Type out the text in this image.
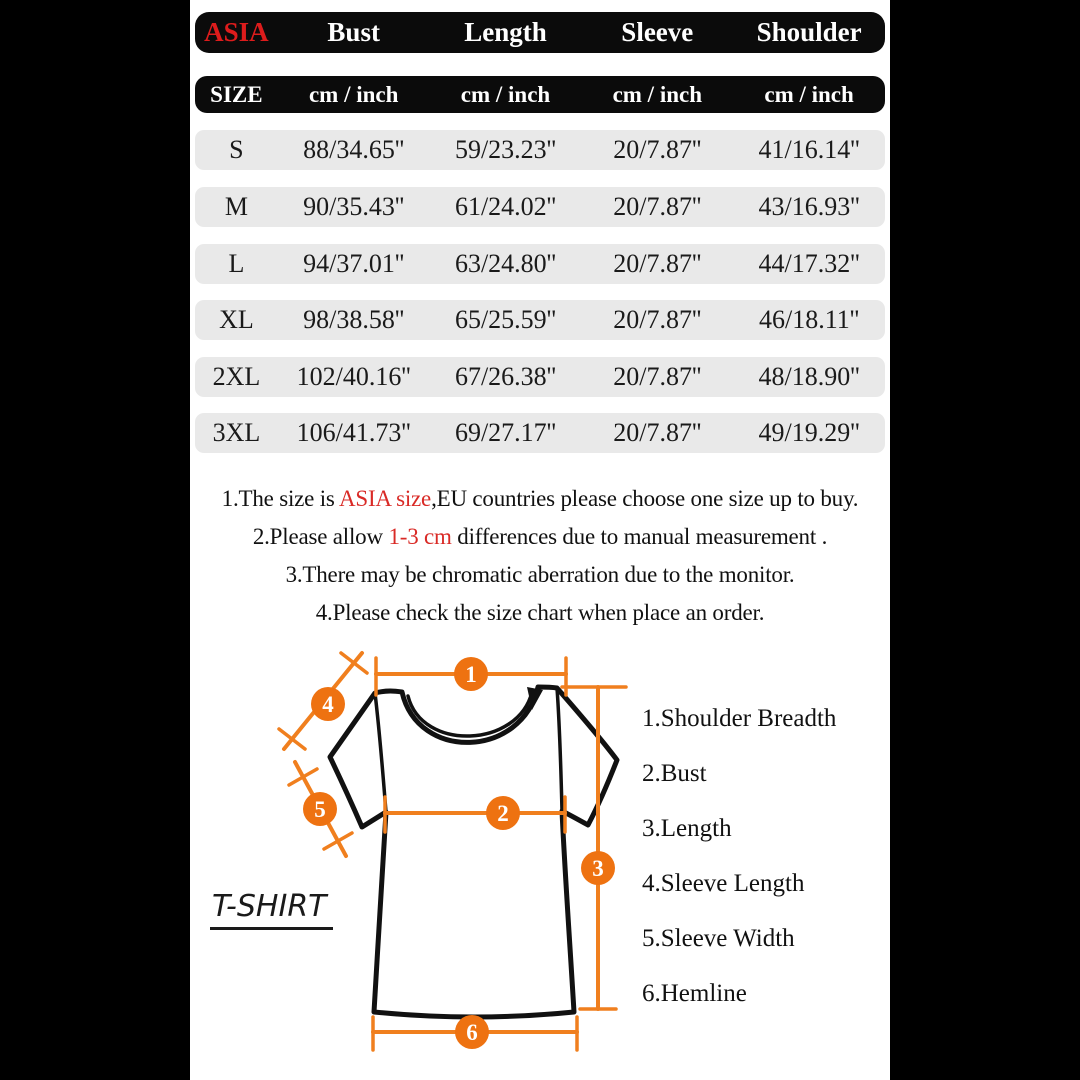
ASIA	Bust	Length	Sleeve	Shoulder
SIZE	cm / inch	cm / inch	cm / inch	cm / inch
S	88/34.65''	59/23.23''	20/7.87''	41/16.14''
M	90/35.43''	61/24.02''	20/7.87''	43/16.93''
L	94/37.01''	63/24.80''	20/7.87''	44/17.32''
XL	98/38.58''	65/25.59''	20/7.87''	46/18.11''
2XL	102/40.16''	67/26.38''	20/7.87''	48/18.90''
3XL	106/41.73''	69/27.17''	20/7.87''	49/19.29''
1.The size is ASIA size,EU countries please choose one size up to buy.
2.Please allow 1-3 cm differences due to manual measurement .
3.There may be chromatic aberration due to the monitor.
4.Please check the size chart when place an order.
1
2
3
4
5
6
T-SHIRT
1.Shoulder Breadth
2.Bust
3.Length
4.Sleeve Length
5.Sleeve Width
6.Hemline
